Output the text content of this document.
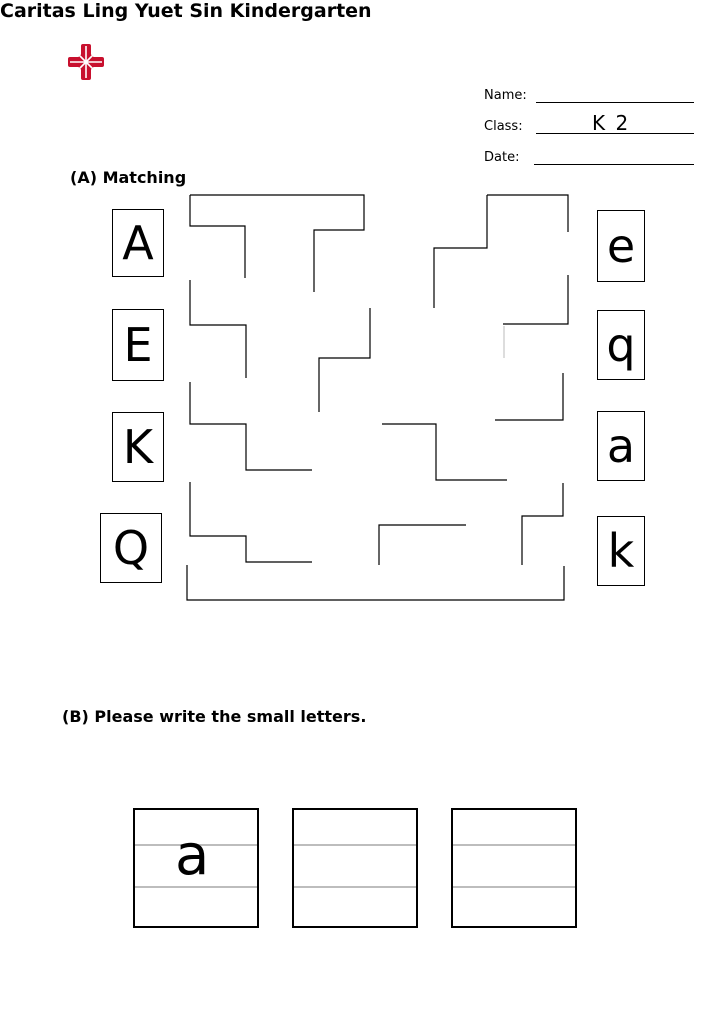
Caritas Ling Yuet Sin Kindergarten
Name:
Class:	K 2
Date:
(A) Matching
A
E
K
Q
e
q
a
k
(B) Please write the small letters.
a
